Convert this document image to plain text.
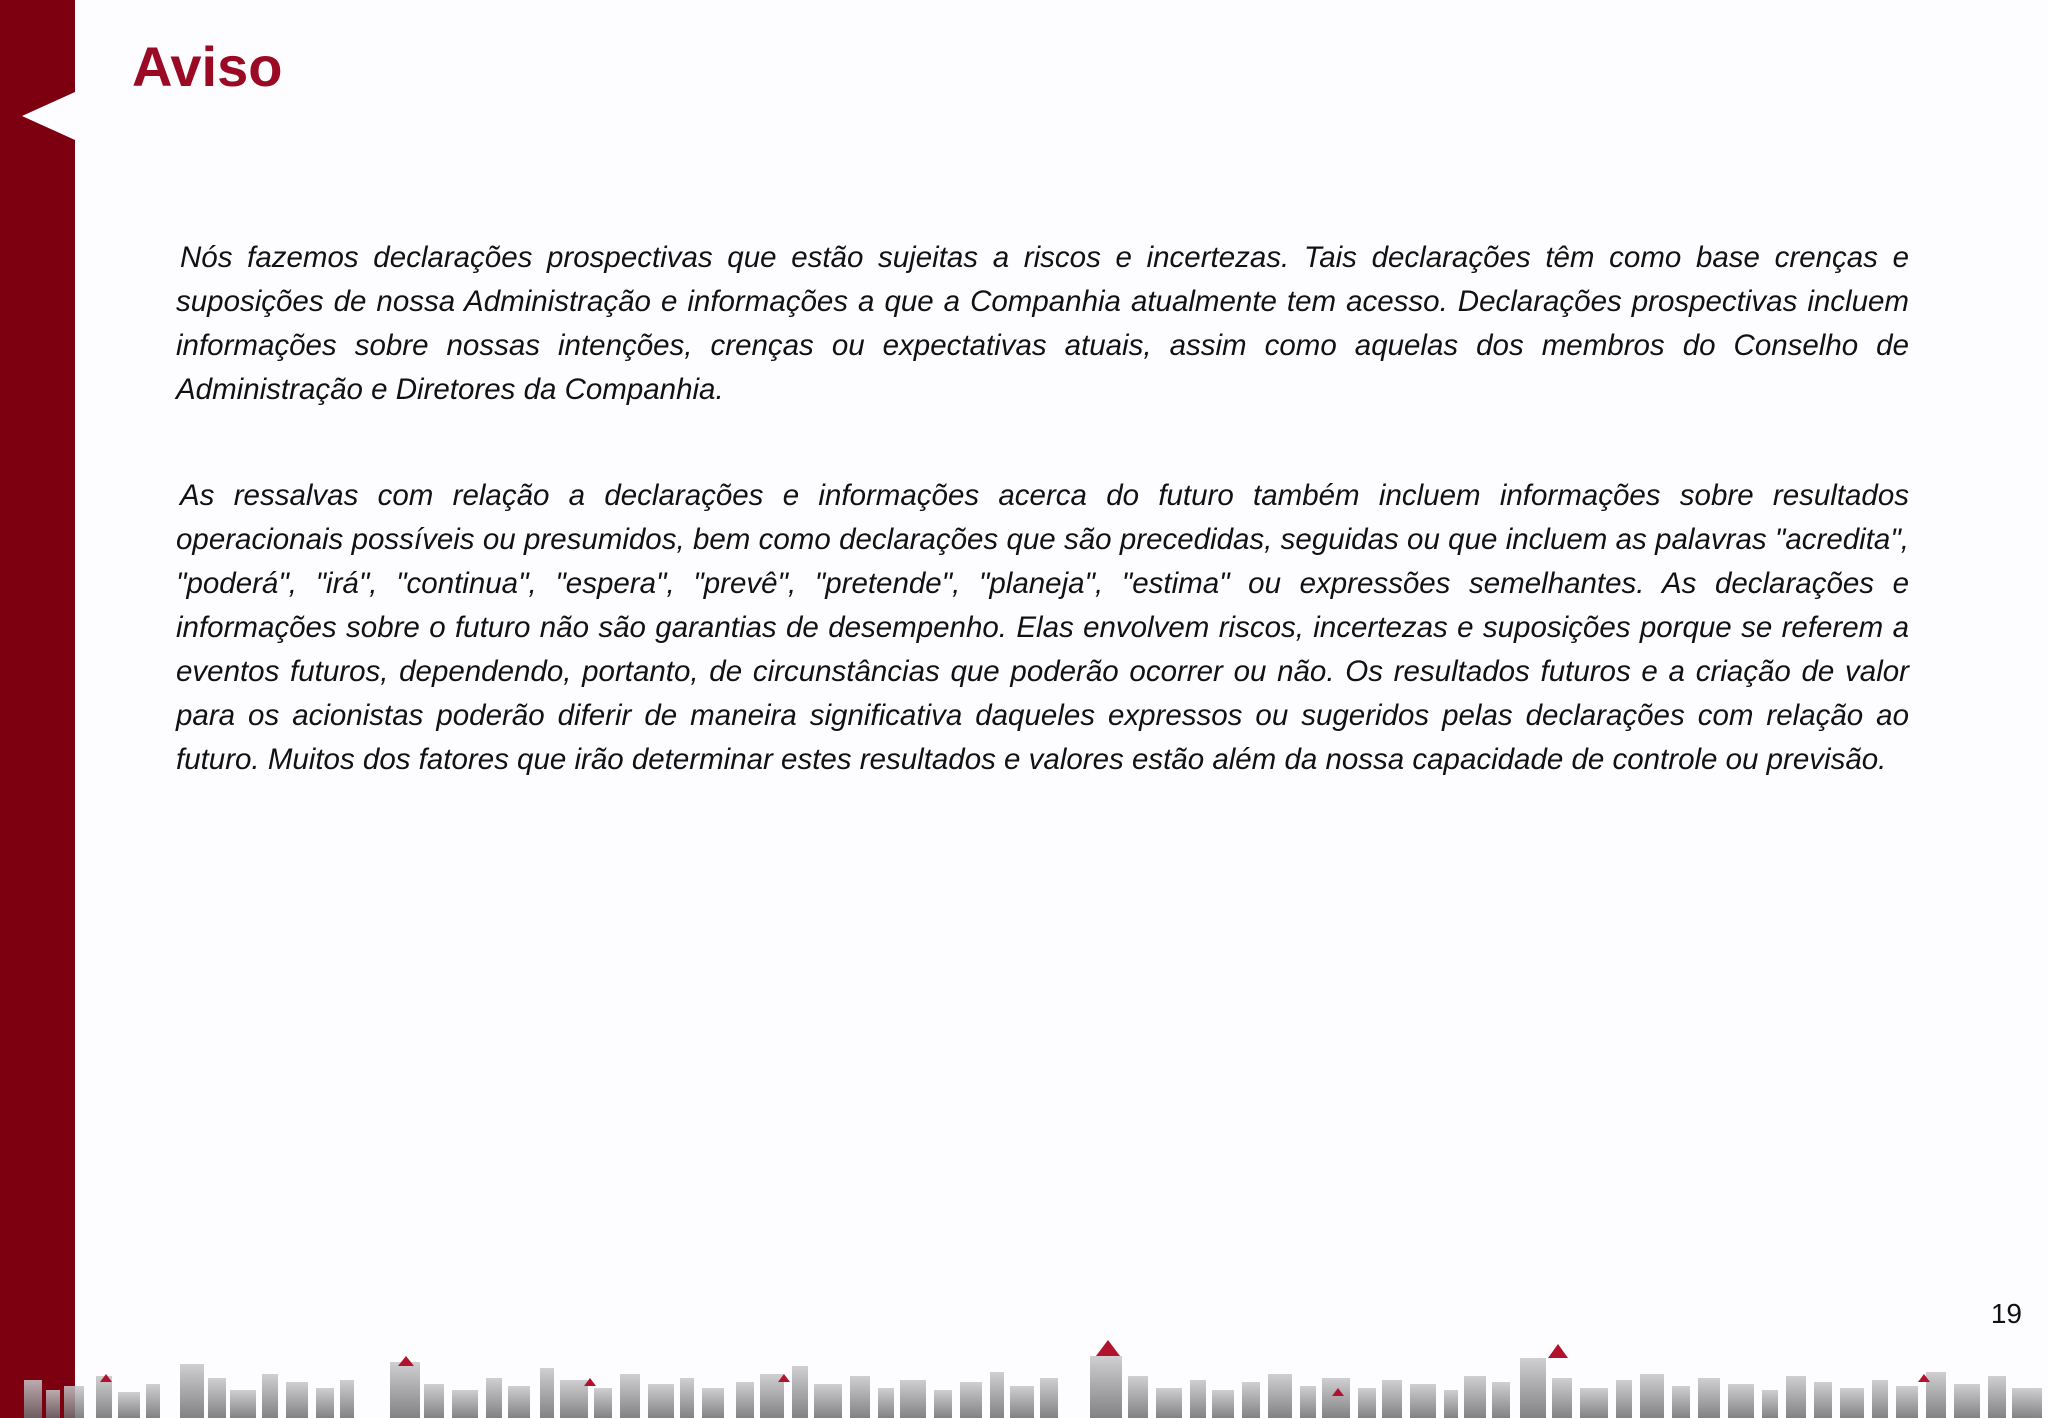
Aviso

Nós fazemos declarações prospectivas que estão sujeitas a riscos e incertezas. Tais declarações têm como base crenças e suposições de nossa Administração e informações a que a Companhia atualmente tem acesso. Declarações prospectivas incluem informações sobre nossas intenções, crenças ou expectativas atuais, assim como aquelas dos membros do Conselho de Administração e Diretores da Companhia.

As ressalvas com relação a declarações e informações acerca do futuro também incluem informações sobre resultados operacionais possíveis ou presumidos, bem como declarações que são precedidas, seguidas ou que incluem as palavras "acredita", "poderá", "irá", "continua", "espera", "prevê", "pretende", "planeja", "estima" ou expressões semelhantes. As declarações e informações sobre o futuro não são garantias de desempenho. Elas envolvem riscos, incertezas e suposições porque se referem a eventos futuros, dependendo, portanto, de circunstâncias que poderão ocorrer ou não. Os resultados futuros e a criação de valor para os acionistas poderão diferir de maneira significativa daqueles expressos ou sugeridos pelas declarações com relação ao futuro. Muitos dos fatores que irão determinar estes resultados e valores estão além da nossa capacidade de controle ou previsão.

19
